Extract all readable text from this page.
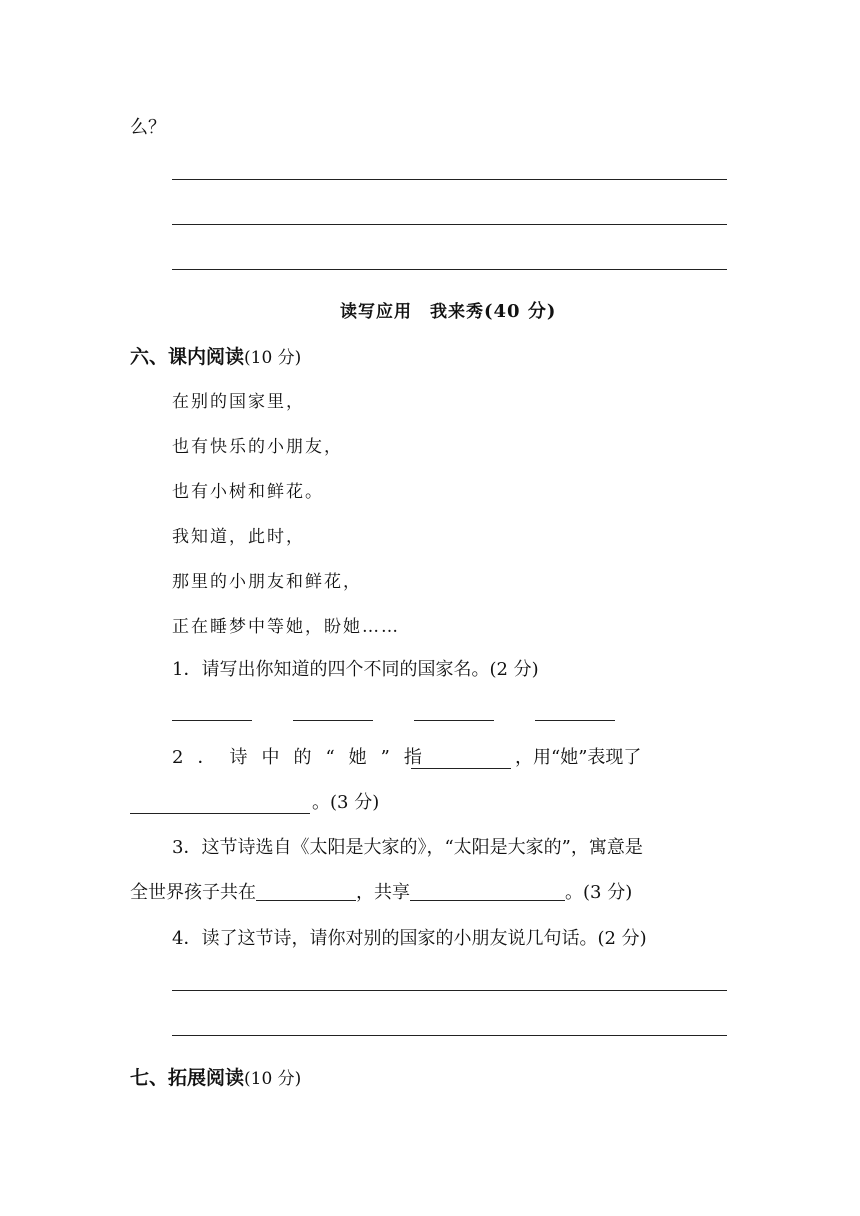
么？
读写应用　我来秀(40 分)
六、课内阅读(10 分)
在别的国家里，
也有快乐的小朋友，
也有小树和鲜花。
我知道，此时，
那里的小朋友和鲜花，
正在睡梦中等她，盼她……
1．请写出你知道的四个不同的国家名。(2 分)
2．诗中的“她”指	，用“她”表现了
。(3 分)
3．这节诗选自《太阳是大家的》，“太阳是大家的”，寓意是
全世界孩子共在	，共享	。(3 分)
4．读了这节诗，请你对别的国家的小朋友说几句话。(2 分)
七、拓展阅读(10 分)
